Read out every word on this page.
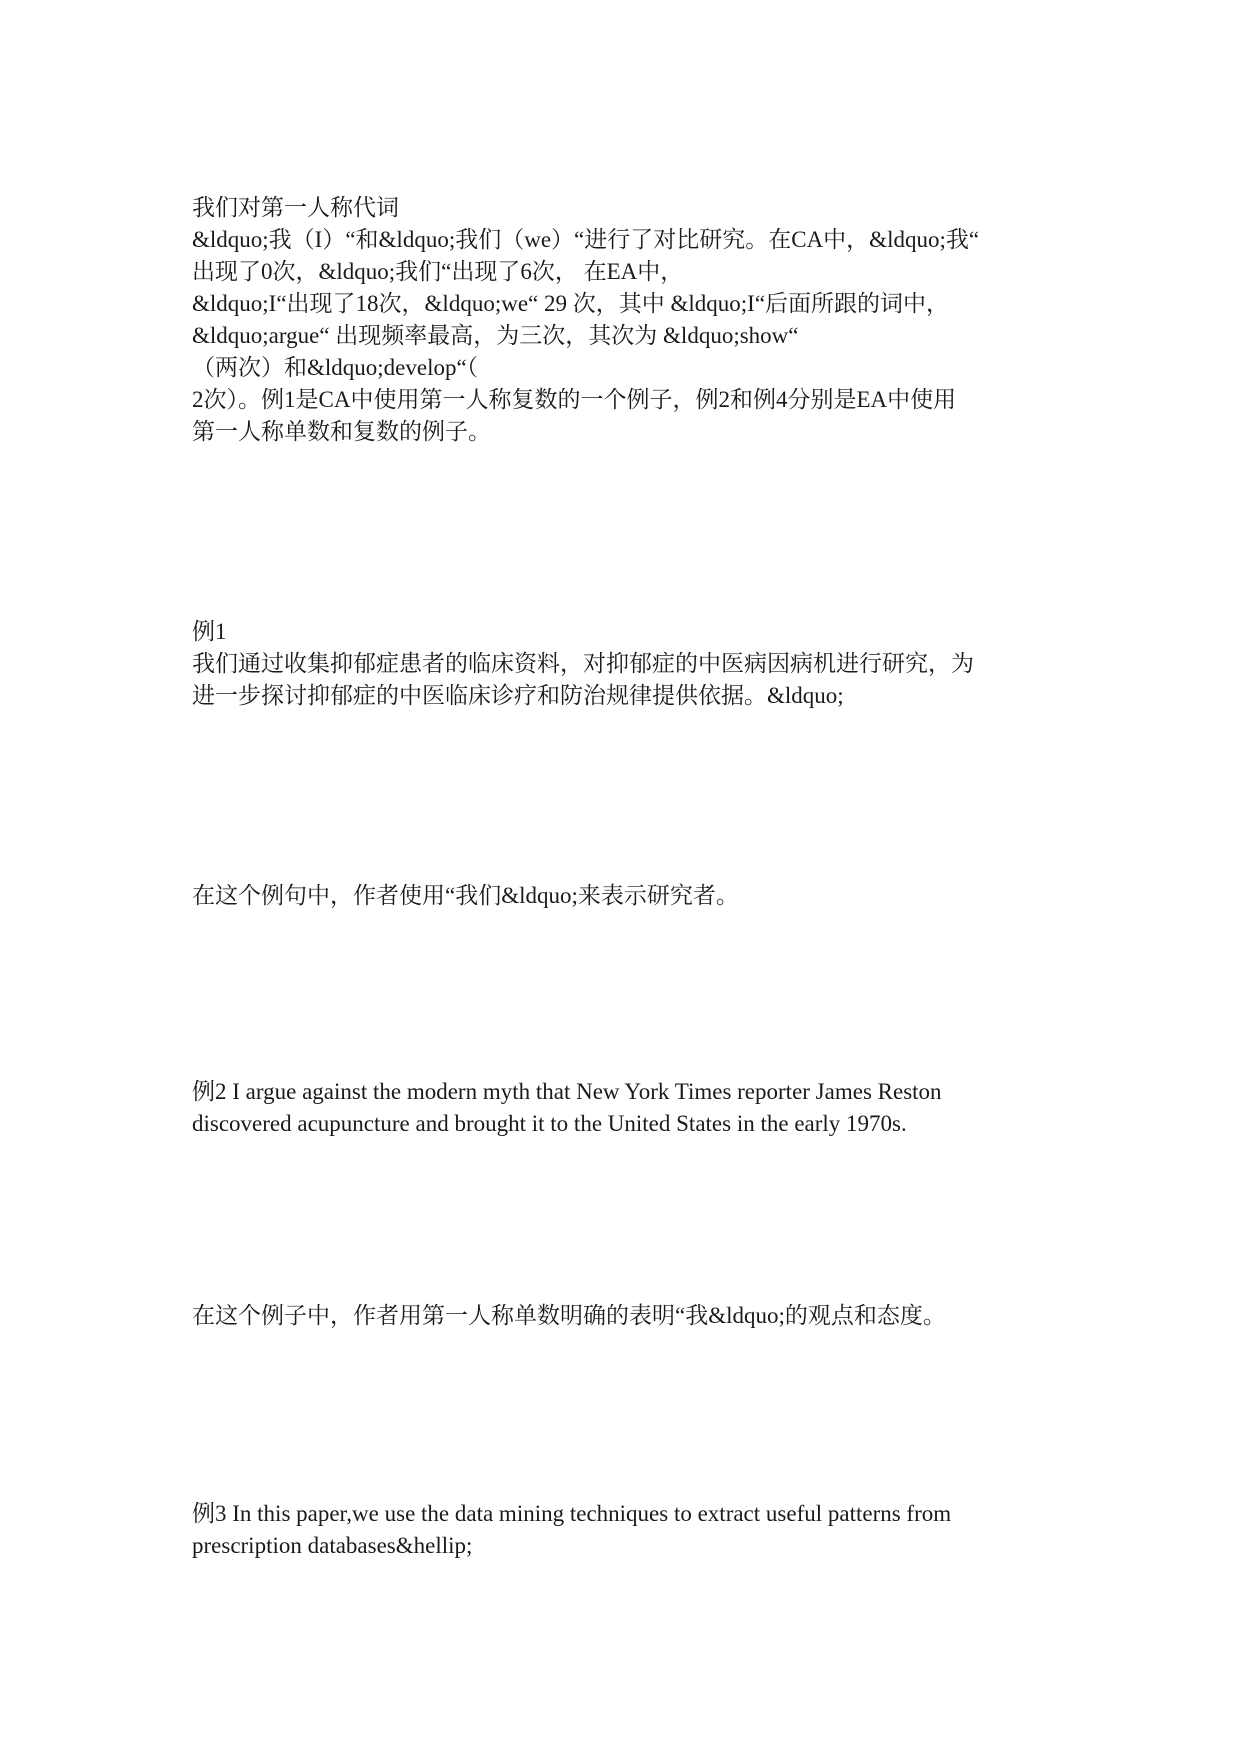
我们对第一人称代词
&ldquo;我（I）“和&ldquo;我们（we）“进行了对比研究。在CA中，&ldquo;我“
出现了0次，&ldquo;我们“出现了6次， 在EA中，
&ldquo;I“出现了18次，&ldquo;we“ 29 次，其中 &ldquo;I“后面所跟的词中，
&ldquo;argue“ 出现频率最高，为三次，其次为 &ldquo;show“
（两次）和&ldquo;develop“（
2次）。例1是CA中使用第一人称复数的一个例子，例2和例4分别是EA中使用
第一人称单数和复数的例子。
例1
我们通过收集抑郁症患者的临床资料，对抑郁症的中医病因病机进行研究，为
进一步探讨抑郁症的中医临床诊疗和防治规律提供依据。&ldquo;
在这个例句中，作者使用“我们&ldquo;来表示研究者。
例2 I argue against the modern myth that New York Times reporter James Reston
discovered acupuncture and brought it to the United States in the early 1970s.
在这个例子中，作者用第一人称单数明确的表明“我&ldquo;的观点和态度。
例3 In this paper,we use the data mining techniques to extract useful patterns from
prescription databases&hellip;
